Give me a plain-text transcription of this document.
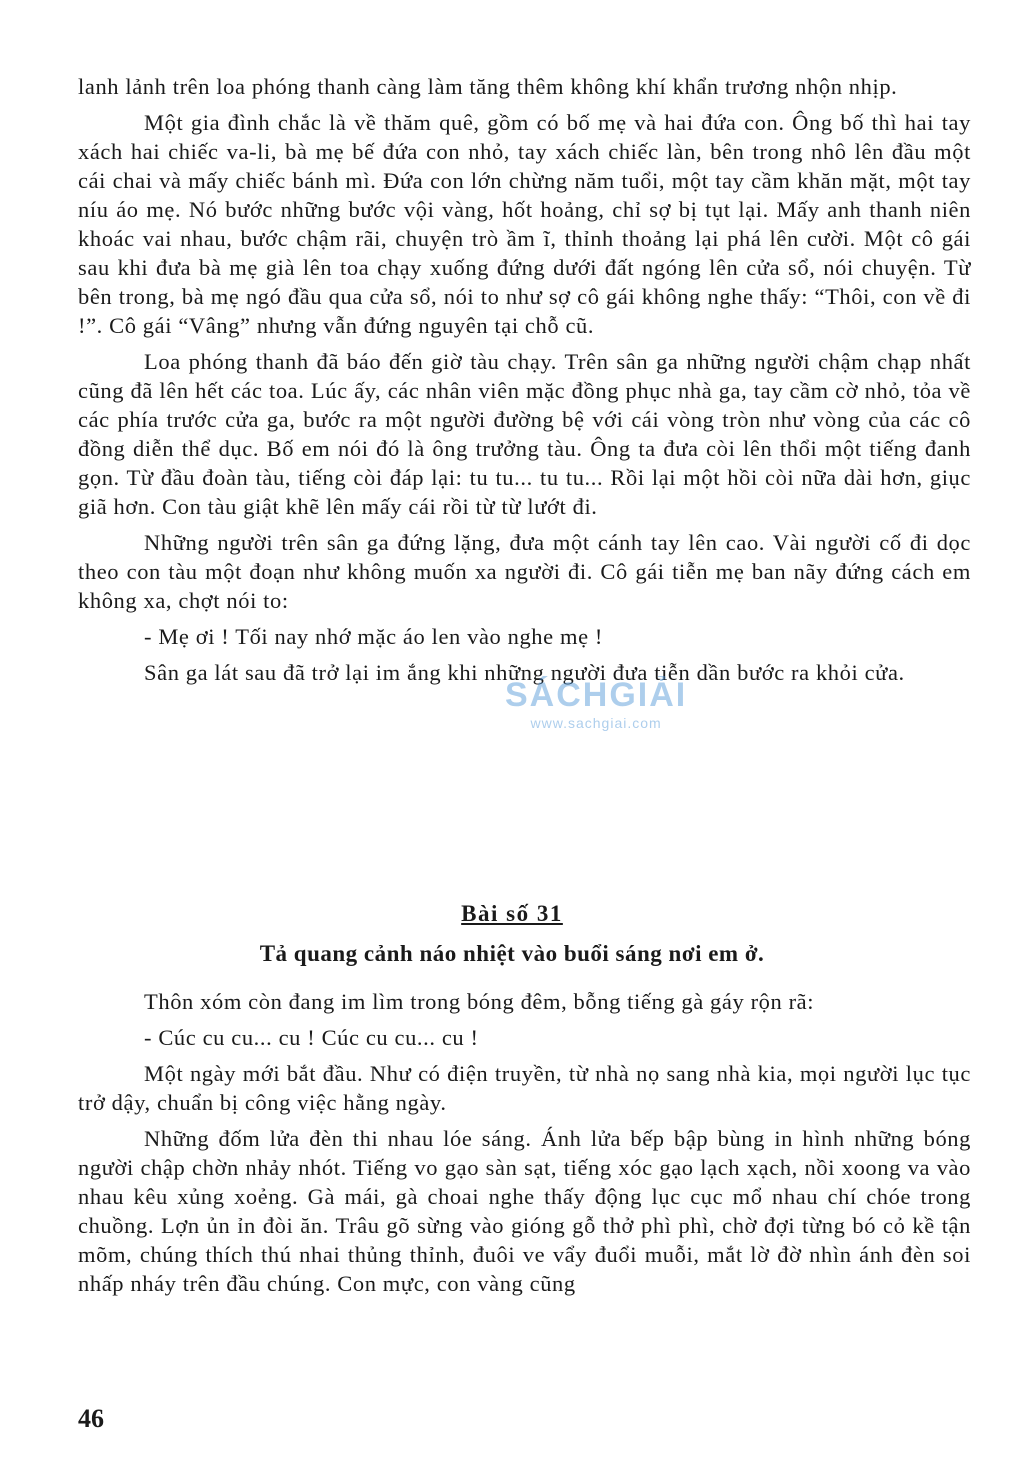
lanh lảnh trên loa phóng thanh càng làm tăng thêm không khí khẩn trương nhộn nhịp.

Một gia đình chắc là về thăm quê, gồm có bố mẹ và hai đứa con. Ông bố thì hai tay xách hai chiếc va-li, bà mẹ bế đứa con nhỏ, tay xách chiếc làn, bên trong nhô lên đầu một cái chai và mấy chiếc bánh mì. Đứa con lớn chừng năm tuổi, một tay cầm khăn mặt, một tay níu áo mẹ. Nó bước những bước vội vàng, hốt hoảng, chỉ sợ bị tụt lại. Mấy anh thanh niên khoác vai nhau, bước chậm rãi, chuyện trò ầm ĩ, thỉnh thoảng lại phá lên cười. Một cô gái sau khi đưa bà mẹ già lên toa chạy xuống đứng dưới đất ngóng lên cửa sổ, nói chuyện. Từ bên trong, bà mẹ ngó đầu qua cửa sổ, nói to như sợ cô gái không nghe thấy: “Thôi, con về đi !”. Cô gái “Vâng” nhưng vẫn đứng nguyên tại chỗ cũ.

Loa phóng thanh đã báo đến giờ tàu chạy. Trên sân ga những người chậm chạp nhất cũng đã lên hết các toa. Lúc ấy, các nhân viên mặc đồng phục nhà ga, tay cầm cờ nhỏ, tỏa về các phía trước cửa ga, bước ra một người đường bệ với cái vòng tròn như vòng của các cô đồng diễn thể dục. Bố em nói đó là ông trưởng tàu. Ông ta đưa còi lên thổi một tiếng đanh gọn. Từ đầu đoàn tàu, tiếng còi đáp lại: tu tu... tu tu... Rồi lại một hồi còi nữa dài hơn, giục giã hơn. Con tàu giật khẽ lên mấy cái rồi từ từ lướt đi.

Những người trên sân ga đứng lặng, đưa một cánh tay lên cao. Vài người cố đi dọc theo con tàu một đoạn như không muốn xa người đi. Cô gái tiễn mẹ ban nãy đứng cách em không xa, chợt nói to:

- Mẹ ơi ! Tối nay nhớ mặc áo len vào nghe mẹ !

Sân ga lát sau đã trở lại im ắng khi những người đưa tiễn dần bước ra khỏi cửa.

Bài số 31
Tả quang cảnh náo nhiệt vào buổi sáng nơi em ở.

Thôn xóm còn đang im lìm trong bóng đêm, bỗng tiếng gà gáy rộn rã:

- Cúc cu cu... cu ! Cúc cu cu... cu !

Một ngày mới bắt đầu. Như có điện truyền, từ nhà nọ sang nhà kia, mọi người lục tục trở dậy, chuẩn bị công việc hằng ngày.

Những đốm lửa đèn thi nhau lóe sáng. Ánh lửa bếp bập bùng in hình những bóng người chập chờn nhảy nhót. Tiếng vo gạo sàn sạt, tiếng xóc gạo lạch xạch, nồi xoong va vào nhau kêu xủng xoẻng. Gà mái, gà choai nghe thấy động lục cục mổ nhau chí chóe trong chuồng. Lợn ủn ỉn đòi ăn. Trâu gõ sừng vào gióng gỗ thở phì phì, chờ đợi từng bó cỏ kề tận mõm, chúng thích thú nhai thủng thỉnh, đuôi ve vẩy đuổi muỗi, mắt lờ đờ nhìn ánh đèn soi nhấp nháy trên đầu chúng. Con mực, con vàng cũng

46
SÁCHGIẢI
www.sachgiai.com
